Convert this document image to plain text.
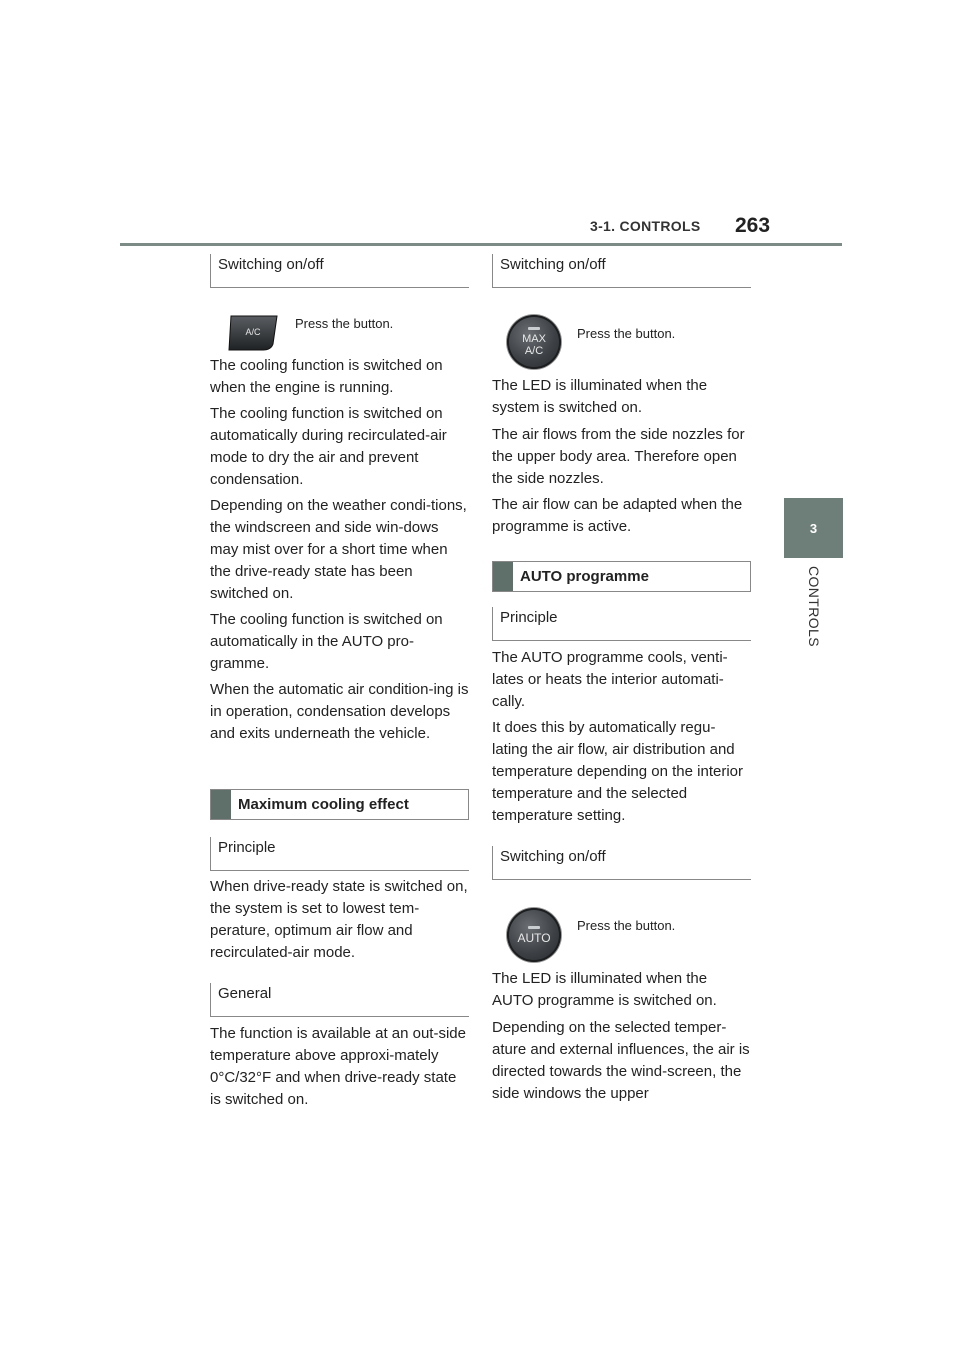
3-1. CONTROLS 263
3
CONTROLS
Switching on/off
A/C
Press the button.
The cooling function is switched on when the engine is running.
The cooling function is switched on automatically during recirculated-air mode to dry the air and prevent condensation.
Depending on the weather condi-tions, the windscreen and side win-dows may mist over for a short time when the drive-ready state has been switched on.
The cooling function is switched on automatically in the AUTO pro-gramme.
When the automatic air condition-ing is in operation, condensation develops and exits underneath the vehicle.
Maximum cooling effect
Principle
When drive-ready state is switched on, the system is set to lowest tem-perature, optimum air flow and recirculated-air mode.
General
The function is available at an out-side temperature above approxi-mately 0°C/32°F and when drive-ready state is switched on.
Switching on/off
MAX
A/C
Press the button.
The LED is illuminated when the system is switched on.
The air flows from the side nozzles for the upper body area. Therefore open the side nozzles.
The air flow can be adapted when the programme is active.
AUTO programme
Principle
The AUTO programme cools, venti-lates or heats the interior automati-cally.
It does this by automatically regu-lating the air flow, air distribution and temperature depending on the interior temperature and the selected temperature setting.
Switching on/off
AUTO
Press the button.
The LED is illuminated when the AUTO programme is switched on.
Depending on the selected temper-ature and external influences, the air is directed towards the wind-screen, the side windows the upper
